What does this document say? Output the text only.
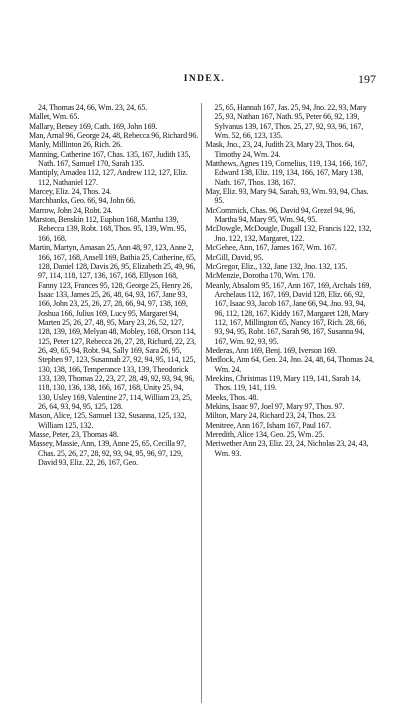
INDEX.	197

24, Thomas 24, 66, Wm. 23, 24, 65.

Mallet, Wm. 65.

Mallary, Betsey 169, Cath. 169, John 169.

Man, Arnal 96, George 24, 48, Rebecca 96, Richard 96.

Manly, Millinton 26, Rich. 26.

Manning, Catherine 167, Chas. 135, 167, Judith 135, Nath. 167, Samuel 170, Sarah 135.

Mantiply, Amadea 112, 127, Andrew 112, 127, Eliz. 112, Nathaniel 127.

Marcey, Eliz. 24, Thos. 24.

Marchbanks, Geo. 66, 94, John 66.

Marrow, John 24, Robt. 24.

Marston, Benskin 112, Euphon 168, Martha 139, Rebecca 139, Robt. 168, Thos. 95, 139, Wm. 95, 166, 168.

Martin, Martyn, Amasan 25, Ann 48, 97, 123, Anne 2, 166, 167, 168, Ansell 169, Bathia 25, Catherine, 65, 128, Daniel 128, Davis 26, 95, Elizabeth 25, 49, 96, 97, 114, 118, 127, 136, 167, 168, Ellyson 168, Fanny 123, Frances 95, 128, George 25, Henry 26, Isaac 133, James 25, 26, 48, 64, 93, 167, Jane 93, 166, John 23, 25, 26, 27, 28, 66, 94, 97, 138, 169, Joshua 166, Julius 169, Lucy 95, Margaret 94, Marten 25, 26, 27, 48, 95, Mary 23, 26, 52, 127, 128, 139, 169, Melyan 48, Mobley, 168, Orson 114, 125, Peter 127, Rebecca 26, 27, 28, Richard, 22, 23, 26, 49, 65, 94, Robt. 94, Sally 169, Sara 26, 95, Stephen 97, 123, Susannah 27, 92, 94, 95, 114, 125, 130, 138, 166, Temperance 133, 139, Theodorick 133, 139, Thomas 22, 23, 27, 28, 49, 92, 93, 94, 96, 118, 130, 136, 138, 166, 167, 168, Unity 25, 94, 130, Usley 169, Valentine 27, 114, William 23, 25, 26, 64, 93, 94, 95, 125, 128.

Mason, Alice, 125, Samuel 132, Susanna, 125, 132, William 125, 132.

Masse, Peter, 23, Thomas 48.

Massey, Massie, Ann, 139, Anne 25, 65, Cecilla 97, Chas. 25, 26, 27, 28, 92, 93, 94, 95, 96, 97, 129, David 93, Eliz. 22, 26, 167, Geo.

25, 65, Hannah 167, Jas. 25, 94, Jno. 22, 93, Mary 25, 93, Nathan 167, Nath. 95, Peter 66, 92, 139, Sylvanus 139, 167, Thos. 25, 27, 92, 93, 96, 167, Wm. 52, 66, 123, 135.

Mask, Jno., 23, 24, Judith 23, Mary 23, Thos. 64, Timothy 24, Wm. 24.

Matthews, Agnes 119, Cornelius, 119, 134, 166, 167, Edward 138, Eliz. 119, 134, 166, 167, Mary 138, Nath. 167, Thos. 138, 167.

May, Eliz. 93, Mary 94, Sarah, 93, Wm. 93, 94, Chas. 95.

McCommick, Chas. 96, David 94, Grezel 94, 96, Martha 94, Mary 95, Wm. 94, 95.

McDowgle, McDougle, Dugall 132, Francis 122, 132, Jno. 122, 132, Margaret, 122.

McGehee, Ann, 167, James 167, Wm. 167.

McGill, David, 95.

McGregor, Eliz., 132, Jane 132, Jno. 132, 135.

McMenzie, Dorotha 170, Wm. 170.

Meanly, Absalom 95, 167, Ann 167, 169, Archals 169, Archelaus 112, 167, 169, David 128, Eliz. 66, 92, 167, Isaac 93, Jacob 167, Jane 66, 94, Jno. 93, 94, 96, 112, 128, 167, Kiddy 167, Margaret 128, Mary 112, 167, Millington 65, Nancy 167, Rich. 28, 66, 93, 94, 95, Robt. 167, Sarah 98, 167, Susanna 94, 167, Wm. 92, 93, 95.

Mederas, Ann 169, Benj. 169, Iverson 169.

Medlock, Ann 64, Geo. 24, Jno. 24, 48, 64, Thomas 24, Wm. 24.

Meekins, Christmas 119, Mary 119, 141, Sarah 14, Thos. 119, 141, 119.

Meeks, Thos. 48.

Mekins, Isaac 97, Joel 97, Mary 97, Thos. 97.

Milton, Mary 24, Richard 23, 24, Thos. 23.

Menitree, Ann 167, Isham 167, Paul 167.

Meredith, Alice 134, Geo. 25, Wm. 25.

Meriwether Ann 23, Eliz. 23, 24, Nicholas 23, 24, 43, Wm. 93.
